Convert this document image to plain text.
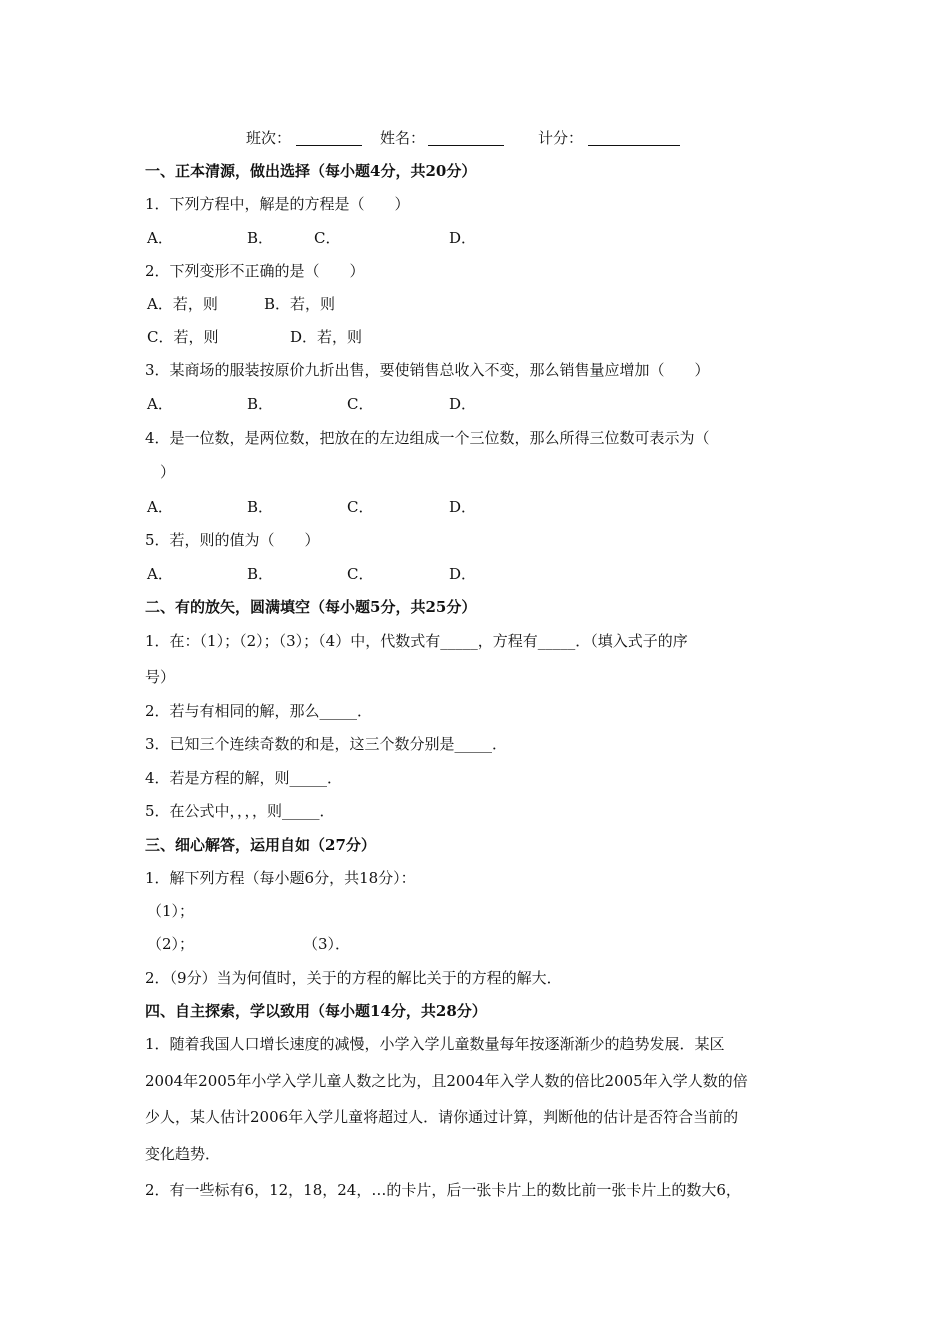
班次：	姓名：	计分：
一、正本清源，做出选择（每小题4分，共20分）
1．下列方程中，解是的方程是（　　）
A．	B．	C．	D．
2．下列变形不正确的是（　　）
A．若，则	B．若，则
C．若，则	D．若，则
3．某商场的服装按原价九折出售，要使销售总收入不变，那么销售量应增加（　　）
A．	B．	C．	D．
4．是一位数，是两位数，把放在的左边组成一个三位数，那么所得三位数可表示为（
）
A．	B．	C．	D．
5．若，则的值为（　　）
A．	B．	C．	D．
二、有的放矢，圆满填空（每小题5分，共25分）
1．在：（1）；（2）；（3）；（4）中，代数式有_____，方程有_____．（填入式子的序
号）
2．若与有相同的解，那么_____．
3．已知三个连续奇数的和是，这三个数分别是_____．
4．若是方程的解，则_____．
5．在公式中，，，，则_____．
三、细心解答，运用自如（27分）
1．解下列方程（每小题6分，共18分）：
（1）；
（2）；	（3）．
2．（9分）当为何值时，关于的方程的解比关于的方程的解大．
四、自主探索，学以致用（每小题14分，共28分）
1．随着我国人口增长速度的减慢，小学入学儿童数量每年按逐渐渐少的趋势发展．某区
2004年2005年小学入学儿童人数之比为，且2004年入学人数的倍比2005年入学人数的倍
少人，某人估计2006年入学儿童将超过人．请你通过计算，判断他的估计是否符合当前的
变化趋势．
2．有一些标有6，12，18，24，…的卡片，后一张卡片上的数比前一张卡片上的数大6，
